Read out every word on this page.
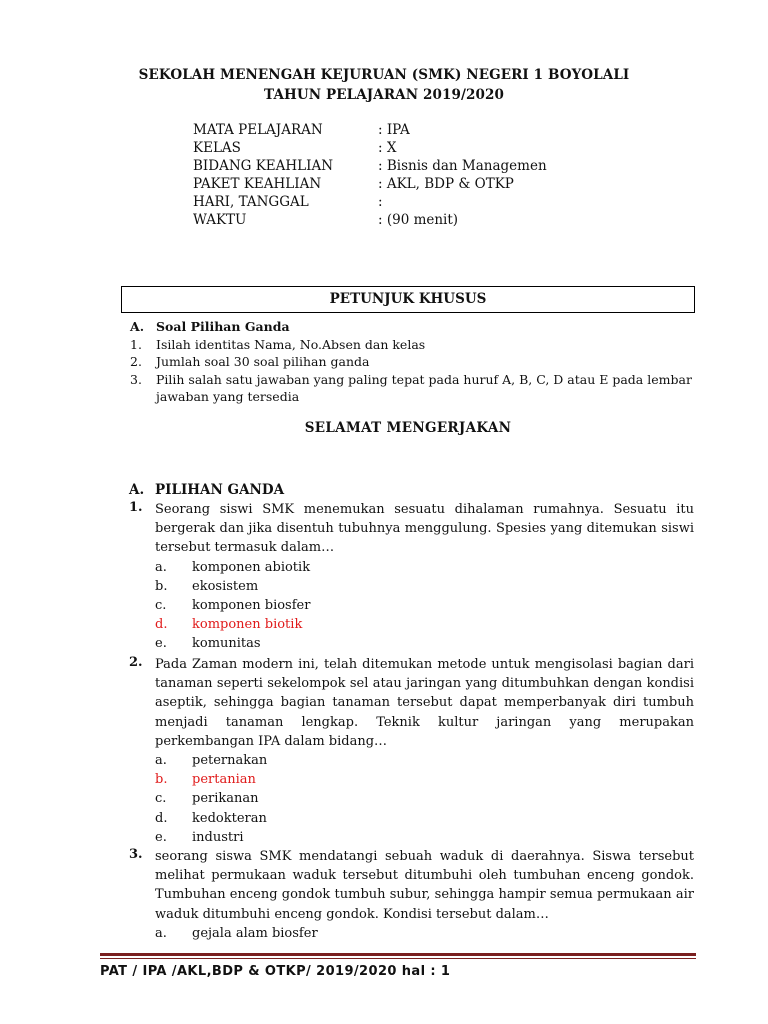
SEKOLAH MENENGAH KEJURUAN (SMK) NEGERI 1 BOYOLALI
TAHUN PELAJARAN 2019/2020
MATA PELAJARAN	: IPA
KELAS	: X
BIDANG KEAHLIAN	: Bisnis dan Managemen
PAKET KEAHLIAN	: AKL, BDP & OTKP
HARI, TANGGAL	:
WAKTU	: (90 menit)
PETUNJUK KHUSUS
A. Soal Pilihan Ganda
1.	Isilah identitas Nama, No.Absen dan kelas
2.	Jumlah soal 30 soal pilihan ganda
3.	Pilih salah satu jawaban yang paling tepat pada huruf A, B, C, D atau E pada lembar jawaban yang tersedia
SELAMAT MENGERJAKAN
A. PILIHAN GANDA
1. Seorang siswi SMK menemukan sesuatu dihalaman rumahnya. Sesuatu itu bergerak dan jika disentuh tubuhnya menggulung. Spesies yang ditemukan siswi tersebut termasuk dalam…
a. komponen abiotik
b. ekosistem
c. komponen biosfer
d. komponen biotik
e. komunitas
2. Pada Zaman modern ini, telah ditemukan metode untuk mengisolasi bagian dari tanaman seperti sekelompok sel atau jaringan yang ditumbuhkan dengan kondisi aseptik, sehingga bagian tanaman tersebut dapat memperbanyak diri tumbuh menjadi tanaman lengkap. Teknik kultur jaringan yang merupakan perkembangan IPA dalam bidang…
a. peternakan
b. pertanian
c. perikanan
d. kedokteran
e. industri
3. seorang siswa SMK mendatangi sebuah waduk di daerahnya. Siswa tersebut melihat permukaan waduk tersebut ditumbuhi oleh tumbuhan enceng gondok. Tumbuhan enceng gondok tumbuh subur, sehingga hampir semua permukaan air waduk ditumbuhi enceng gondok. Kondisi tersebut dalam…
a. gejala alam biosfer
PAT / IPA /AKL,BDP & OTKP/ 2019/2020 hal : 1
